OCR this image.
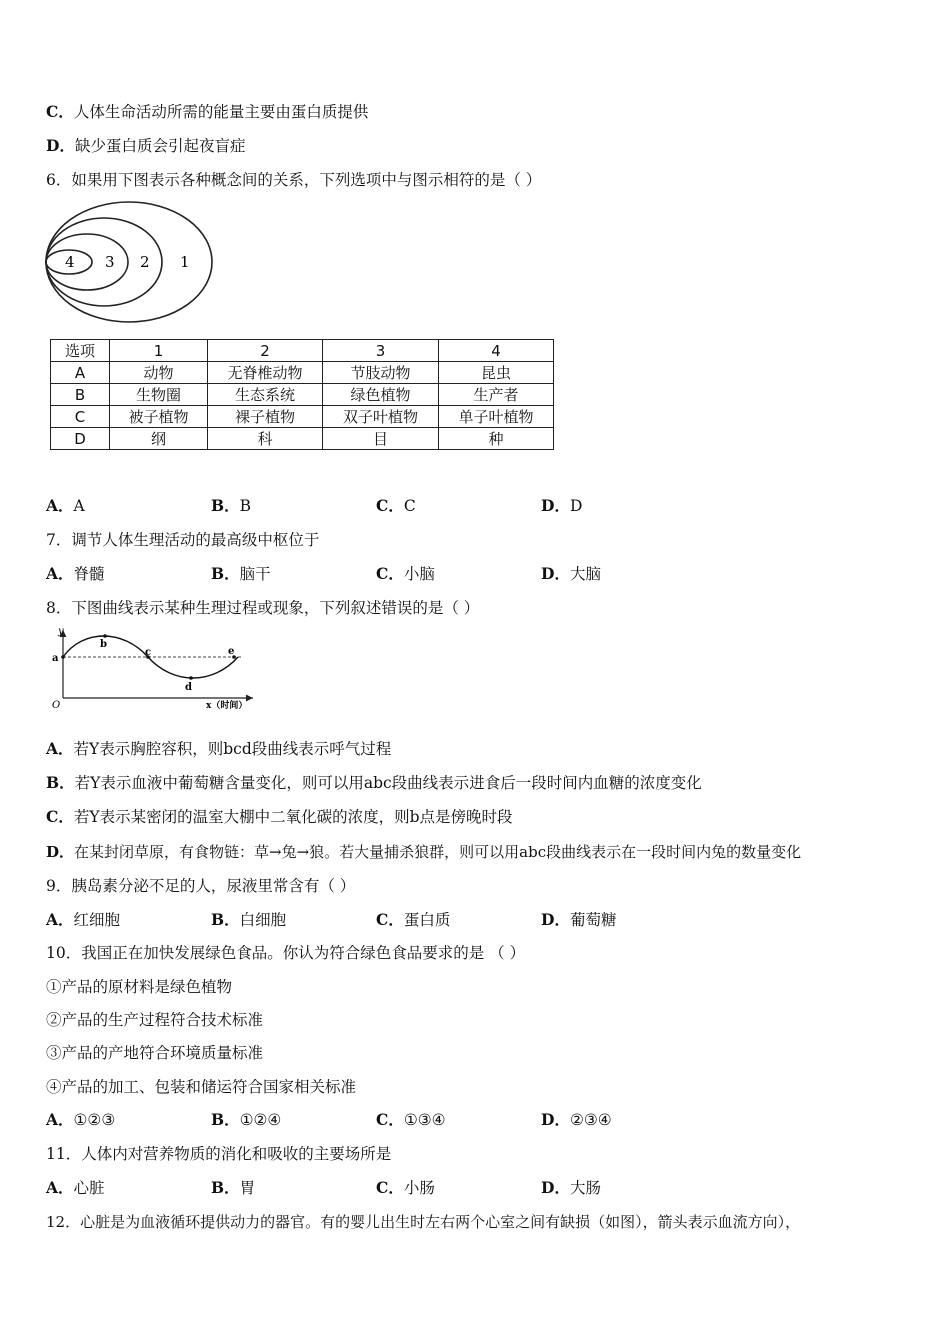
C．人体生命活动所需的能量主要由蛋白质提供
D．缺少蛋白质会引起夜盲症
6．如果用下图表示各种概念间的关系，下列选项中与图示相符的是（ ）
4 3 2 1
选项	1	2	3	4
A	动物	无脊椎动物	节肢动物	昆虫
B	生物圈	生态系统	绿色植物	生产者
C	被子植物	裸子植物	双子叶植物	单子叶植物
D	纲	科	目	种
A．A	B．B	C．C	D．D
7．调节人体生理活动的最高级中枢位于
A．脊髓	B．脑干	C．小脑	D．大脑
8．下图曲线表示某种生理过程或现象，下列叙述错误的是（ ）
y
O
a
b
c
d
e
x（时间）
A．若Y表示胸腔容积，则bcd段曲线表示呼气过程
B．若Y表示血液中葡萄糖含量变化，则可以用abc段曲线表示进食后一段时间内血糖的浓度变化
C．若Y表示某密闭的温室大棚中二氧化碳的浓度，则b点是傍晚时段
D．在某封闭草原，有食物链：草→兔→狼。若大量捕杀狼群，则可以用abc段曲线表示在一段时间内兔的数量变化
9．胰岛素分泌不足的人，尿液里常含有（ ）
A．红细胞	B．白细胞	C．蛋白质	D．葡萄糖
10．我国正在加快发展绿色食品。你认为符合绿色食品要求的是 （ ）
①产品的原材料是绿色植物
②产品的生产过程符合技术标准
③产品的产地符合环境质量标准
④产品的加工、包装和储运符合国家相关标准
A．①②③	B．①②④	C．①③④	D．②③④
11．人体内对营养物质的消化和吸收的主要场所是
A．心脏	B．胃	C．小肠	D．大肠
12．心脏是为血液循环提供动力的器官。有的婴儿出生时左右两个心室之间有缺损（如图），箭头表示血流方向），
